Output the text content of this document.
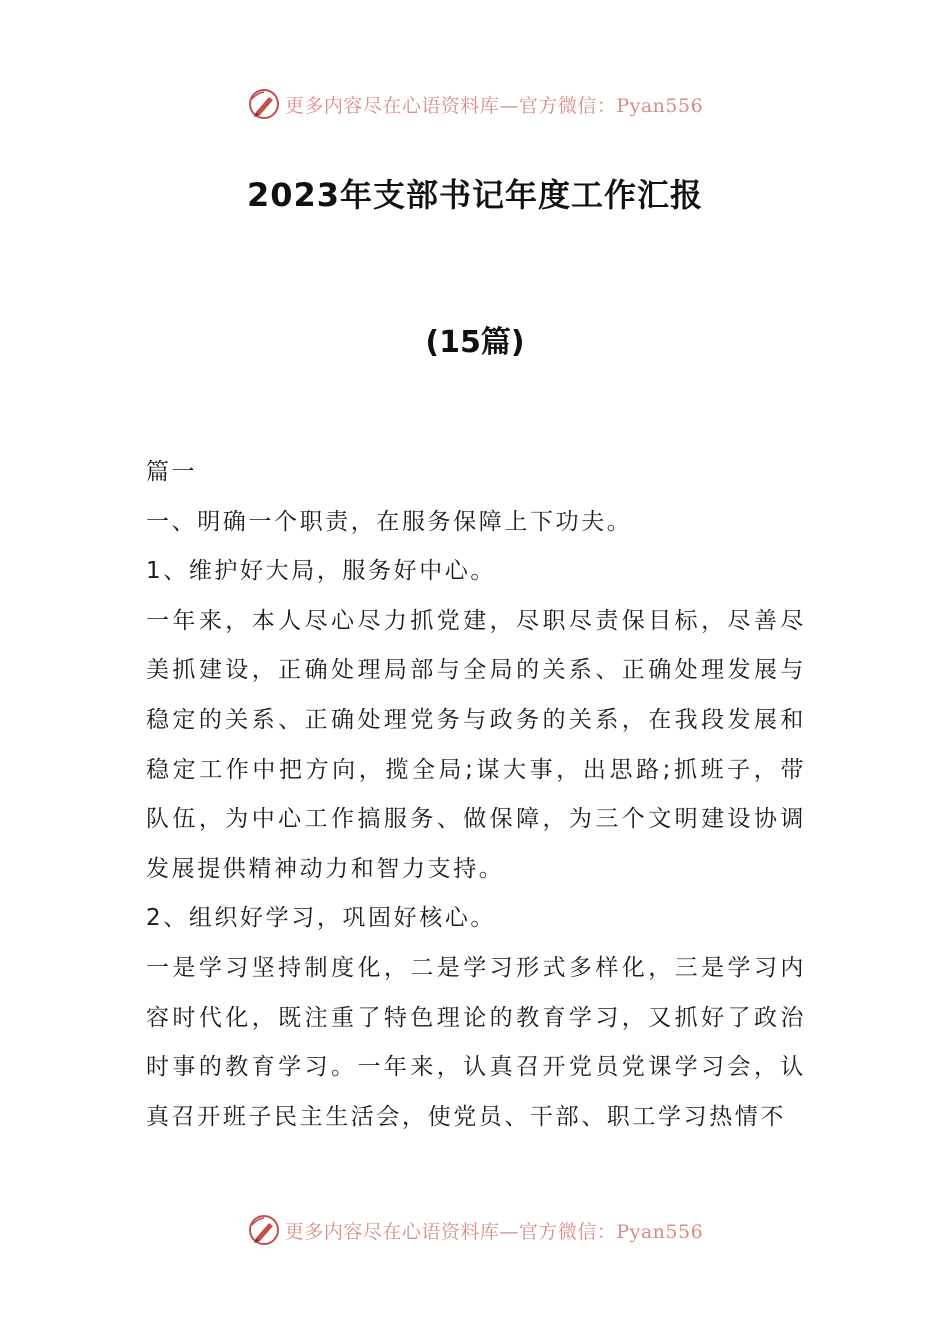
更多内容尽在心语资料库—官方微信：Pyan556
2023年支部书记年度工作汇报
(15篇)

篇一

一、明确一个职责，在服务保障上下功夫。

1、维护好大局，服务好中心。

一年来，本人尽心尽力抓党建，尽职尽责保目标，尽善尽美抓建设，正确处理局部与全局的关系、正确处理发展与稳定的关系、正确处理党务与政务的关系，在我段发展和稳定工作中把方向，揽全局;谋大事，出思路;抓班子，带队伍，为中心工作搞服务、做保障，为三个文明建设协调发展提供精神动力和智力支持。

2、组织好学习，巩固好核心。

一是学习坚持制度化，二是学习形式多样化，三是学习内容时代化，既注重了特色理论的教育学习，又抓好了政治时事的教育学习。一年来，认真召开党员党课学习会，认真召开班子民主生活会，使党员、干部、职工学习热情不

更多内容尽在心语资料库—官方微信：Pyan556
